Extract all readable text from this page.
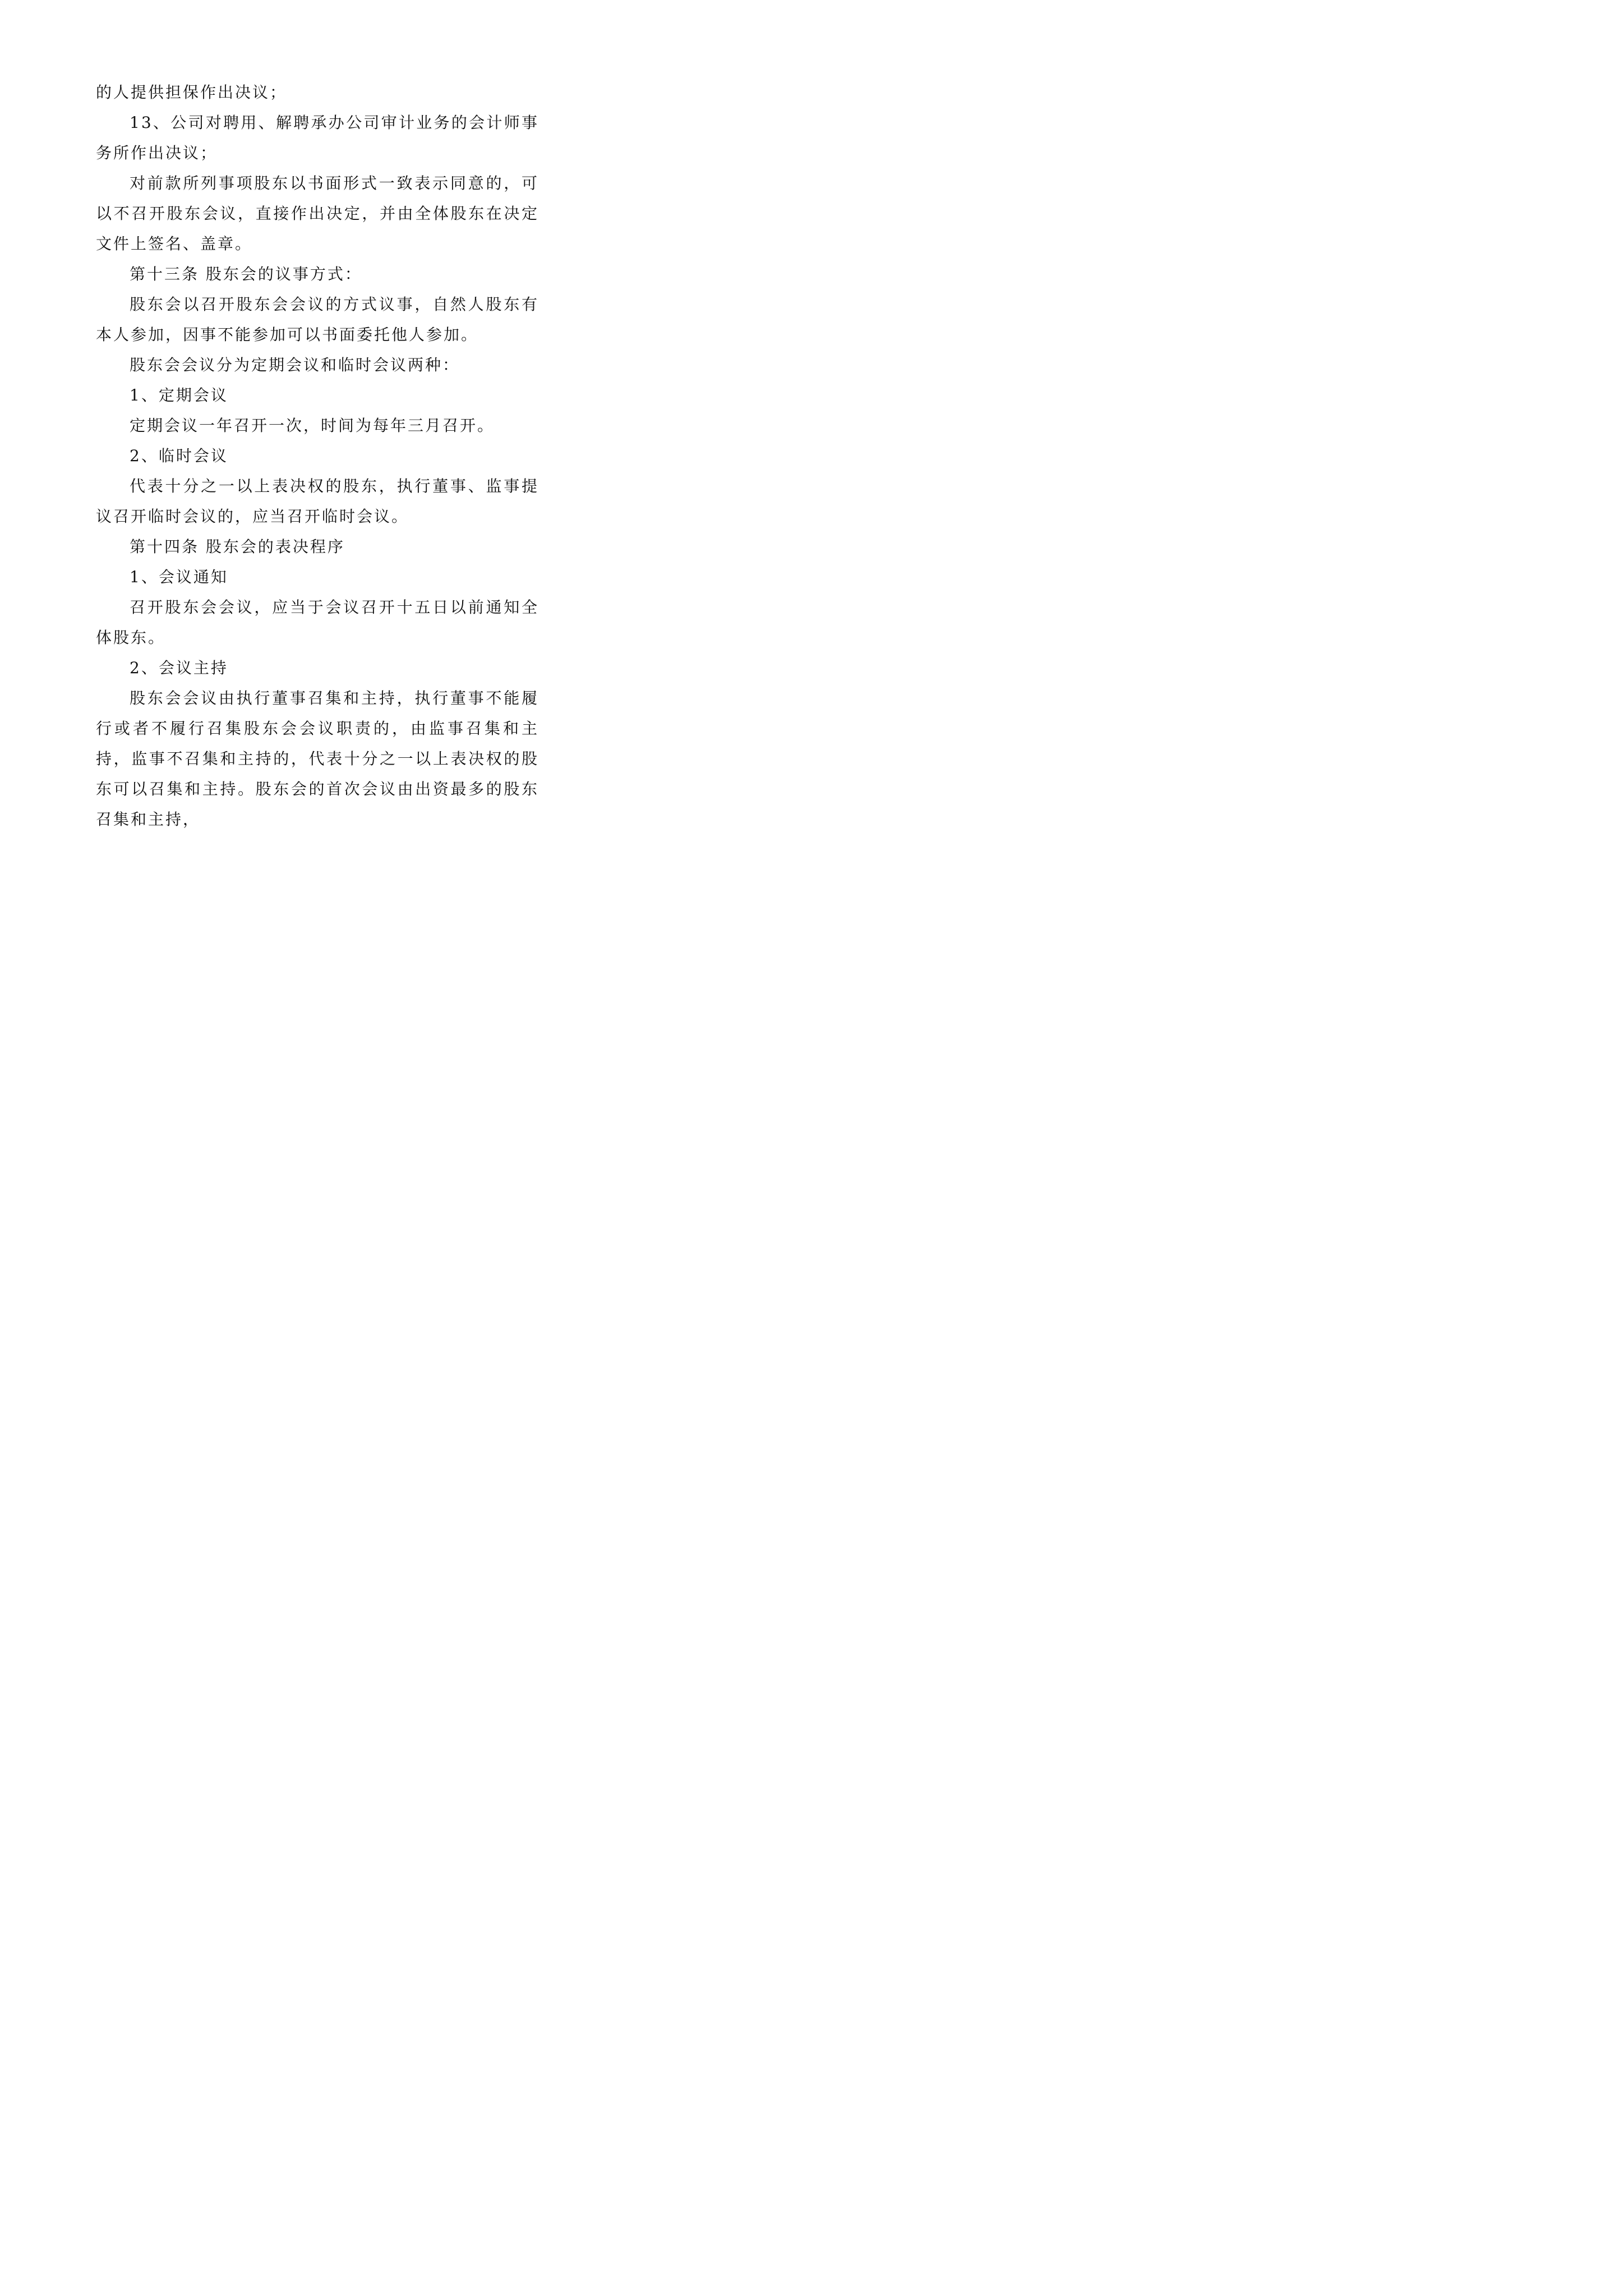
的人提供担保作出决议；

13、公司对聘用、解聘承办公司审计业务的会计师事务所作出决议；

对前款所列事项股东以书面形式一致表示同意的，可以不召开股东会议，直接作出决定，并由全体股东在决定文件上签名、盖章。

第十三条 股东会的议事方式：

股东会以召开股东会会议的方式议事，自然人股东有本人参加，因事不能参加可以书面委托他人参加。

股东会会议分为定期会议和临时会议两种：

1、定期会议

定期会议一年召开一次，时间为每年三月召开。

2、临时会议

代表十分之一以上表决权的股东，执行董事、监事提议召开临时会议的，应当召开临时会议。

第十四条 股东会的表决程序

1、会议通知

召开股东会会议，应当于会议召开十五日以前通知全体股东。

2、会议主持

股东会会议由执行董事召集和主持，执行董事不能履行或者不履行召集股东会会议职责的，由监事召集和主持，监事不召集和主持的，代表十分之一以上表决权的股东可以召集和主持。股东会的首次会议由出资最多的股东召集和主持，
